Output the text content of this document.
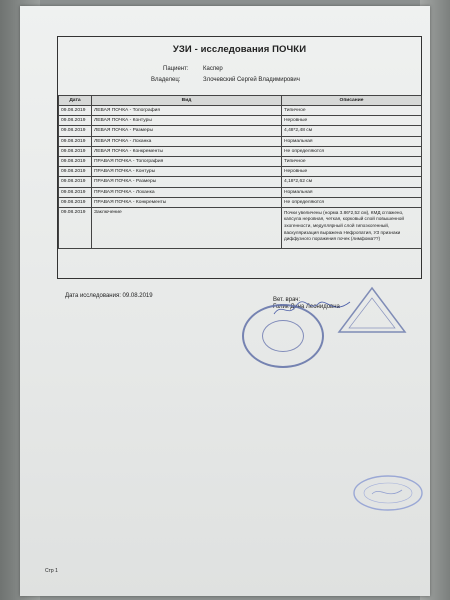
УЗИ - исследования ПОЧКИ
Пациент: Каспер
Владелец:	Злочевский Сергей Владимирович
Дата	Вид	Описание
09.08.2019	ЛЕВАЯ ПОЧКА - Топография	Типичное
09.08.2019	ЛЕВАЯ ПОЧКА - Контуры	Неровные
09.08.2019	ЛЕВАЯ ПОЧКА - Размеры	4,48*2,48 см
09.08.2019	ЛЕВАЯ ПОЧКА - Лоханка	Нормальная
09.08.2019	ЛЕВАЯ ПОЧКА - Конкременты	Не определяются
09.08.2019	ПРАВАЯ ПОЧКА - Топография	Типичное
09.08.2019	ПРАВАЯ ПОЧКА - Контуры	Неровные
09.08.2019	ПРАВАЯ ПОЧКА - Размеры	4,18*2,62 см
09.08.2019	ПРАВАЯ ПОЧКА - Лоханка	Нормальная
09.08.2019	ПРАВАЯ ПОЧКА - Конкременты	Не определяются
09.08.2019	Заключение	Почки увеличены (норма 3.86*2,52 см), КМД сглажено, капсула неровная, четкая, корковый слой повышенной эхогенности, медуллярный слой гипоэхогенный, васкуляризация выражена Нефропатия, УЗ признаки диффузного поражения почек (лимфома??)
Дата исследования: 09.08.2019
Вет. врач:
Голик Дина Леонидовна
Стр 1
